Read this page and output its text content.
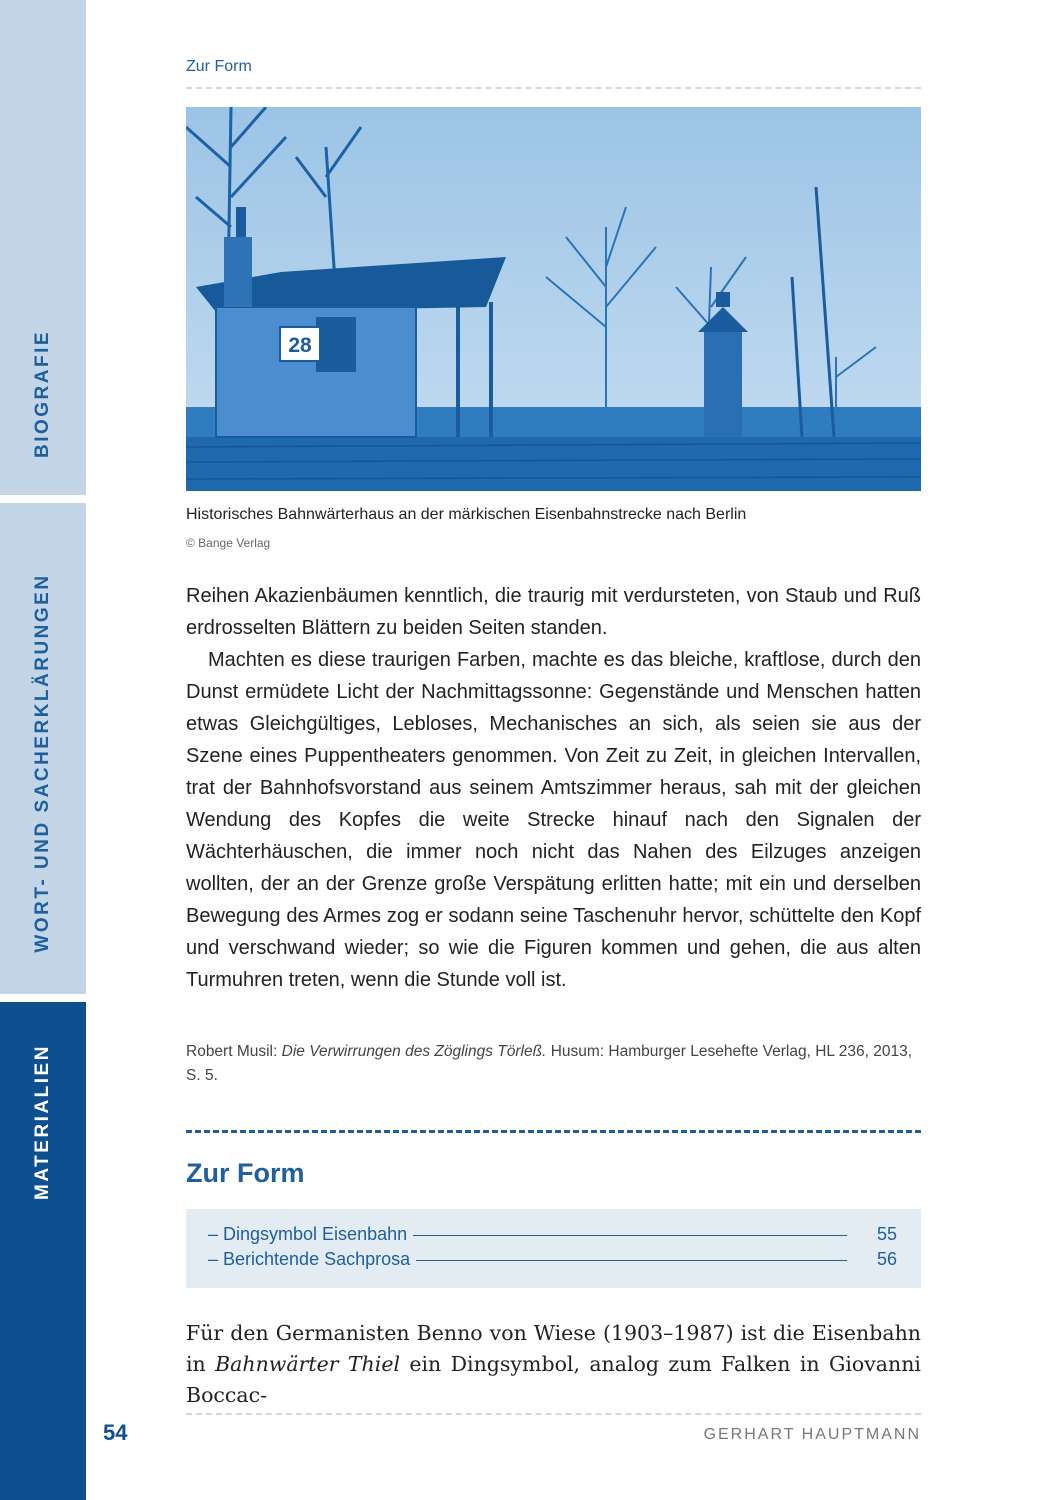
BIOGRAFIE
WORT- UND SACHERKLÄRUNGEN
MATERIALIEN
Zur Form
28
Historisches Bahnwärterhaus an der märkischen Eisenbahnstrecke nach Berlin
© Bange Verlag

Reihen Akazienbäumen kenntlich, die traurig mit verdursteten, von Staub und Ruß erdrosselten Blättern zu beiden Seiten standen.

Machten es diese traurigen Farben, machte es das bleiche, kraftlose, durch den Dunst ermüdete Licht der Nachmittagssonne: Gegenstände und Menschen hatten etwas Gleichgültiges, Lebloses, Mechanisches an sich, als seien sie aus der Szene eines Puppentheaters genommen. Von Zeit zu Zeit, in gleichen Intervallen, trat der Bahnhofsvorstand aus seinem Amtszimmer heraus, sah mit der gleichen Wendung des Kopfes die weite Strecke hinauf nach den Signalen der Wächterhäuschen, die immer noch nicht das Nahen des Eilzuges anzeigen wollten, der an der Grenze große Verspätung erlitten hatte; mit ein und derselben Bewegung des Armes zog er sodann seine Taschenuhr hervor, schüttelte den Kopf und verschwand wieder; so wie die Figuren kommen und gehen, die aus alten Turmuhren treten, wenn die Stunde voll ist.

Robert Musil: Die Verwirrungen des Zöglings Törleß. Husum: Hamburger Lesehefte Verlag, HL 236, 2013, S. 5.
Zur Form
– Dingsymbol Eisenbahn	55
– Berichtende Sachprosa	56
Für den Germanisten Benno von Wiese (1903–1987) ist die Eisenbahn in Bahnwärter Thiel ein Dingsymbol, analog zum Falken in Giovanni Boccac-
54	GERHART HAUPTMANN
